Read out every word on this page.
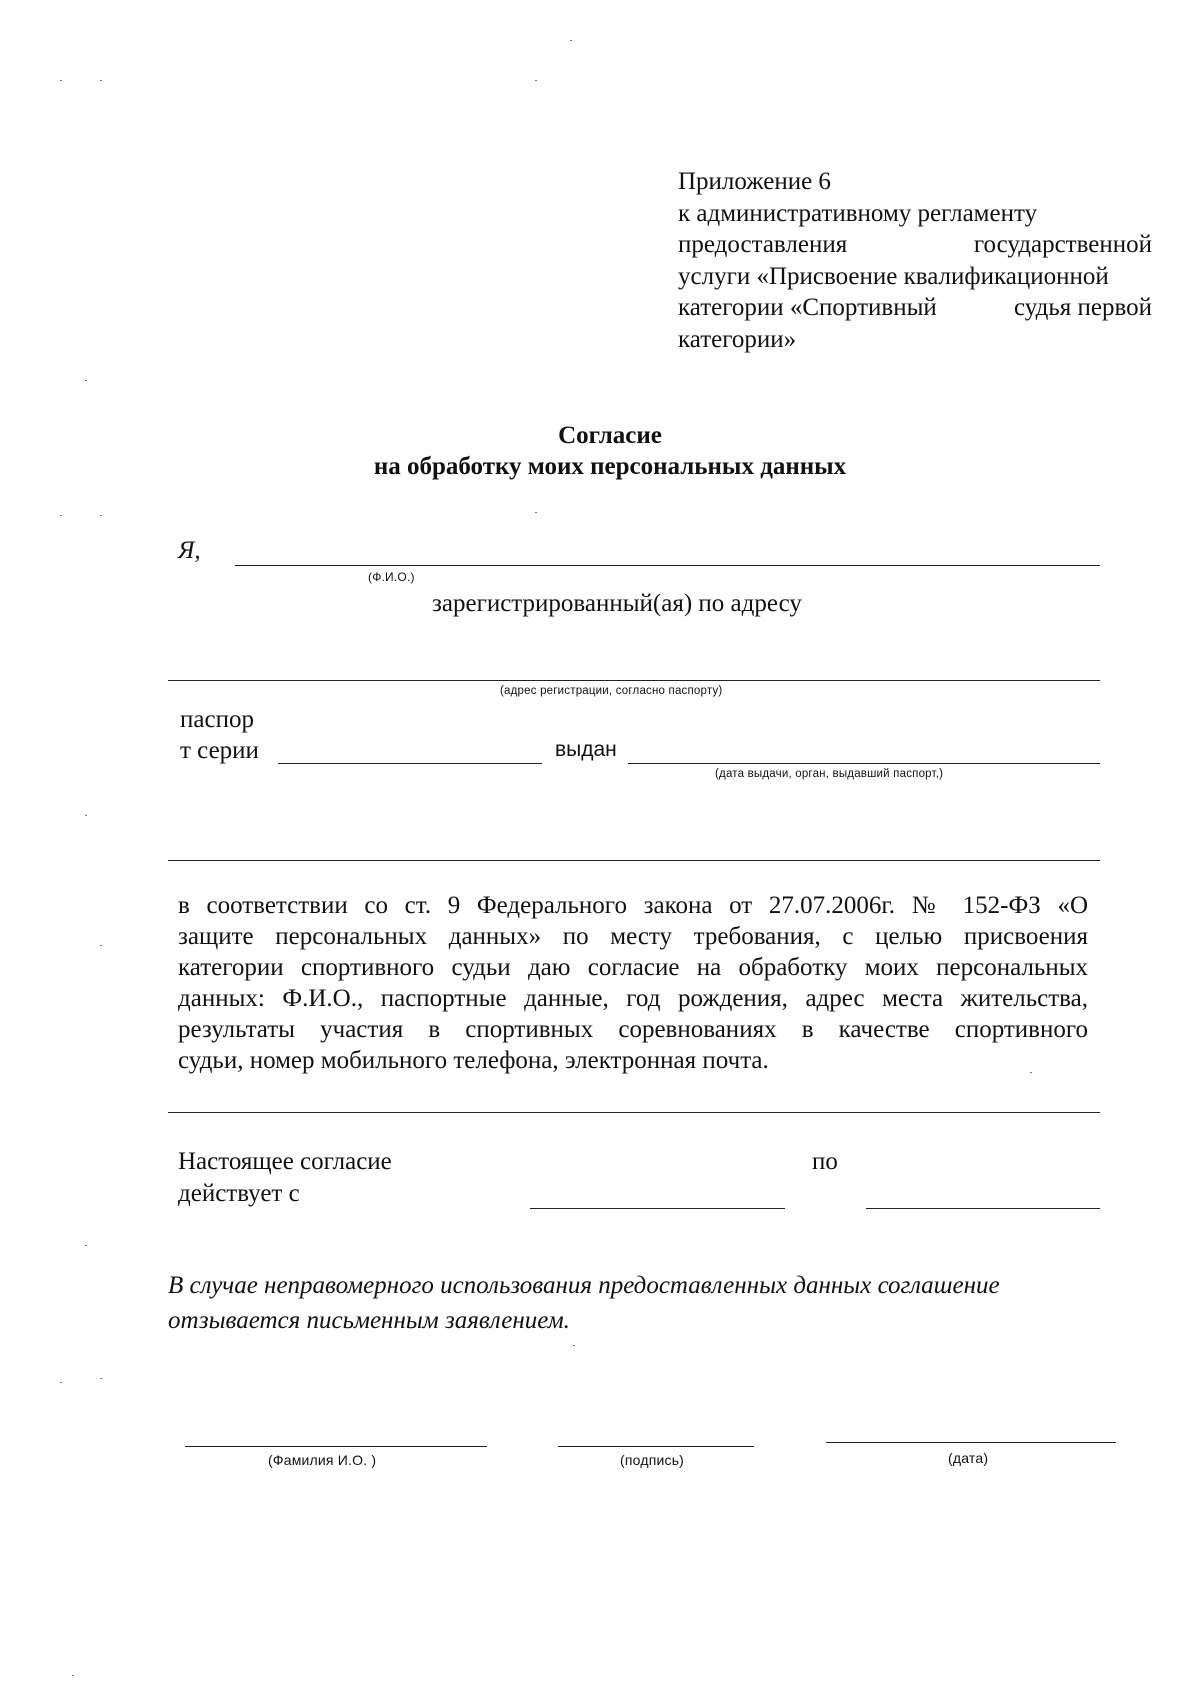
Приложение 6
к административному регламенту
предоставления	государственной
услуги «Присвоение квалификационной
категории «Спортивный	судья первой
категории»
Согласие
на обработку моих персональных данных
Я,
(Ф.И.О.)
зарегистрированный(ая) по адресу
(адрес регистрации, согласно паспорту)
паспор
т серии	выдан
(дата выдачи, орган, выдавший паспорт,)
в соответствии со ст. 9 Федерального закона от 27.07.2006г. № 152-ФЗ «О
защите персональных данных» по месту требования, с целью присвоения
категории спортивного судьи даю согласие на обработку моих персональных
данных: Ф.И.О., паспортные данные, год рождения, адрес места жительства,
результаты участия в спортивных соревнованиях в качестве спортивного
судьи, номер мобильного телефона, электронная почта.
Настоящее согласие
действует с
по
В случае неправомерного использования предоставленных данных соглашение
отзывается письменным заявлением.
(Фамилия И.О. )	(подпись)	(дата)
